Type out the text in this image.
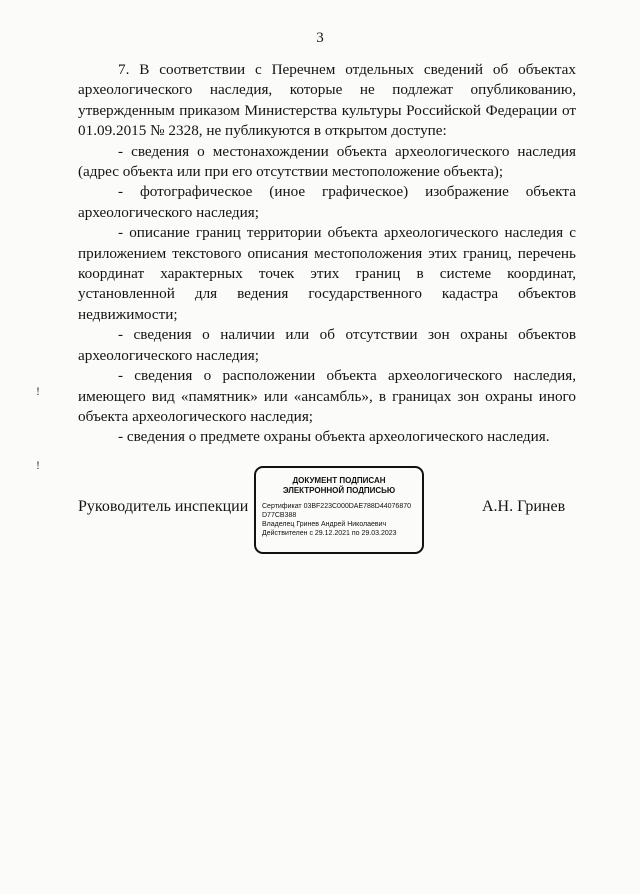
3

7. В соответствии с Перечнем отдельных сведений об объектах археологического наследия, которые не подлежат опубликованию, утвержденным приказом Министерства культуры Российской Федерации от 01.09.2015 № 2328, не публикуются в открытом доступе:

- сведения о местонахождении объекта археологического наследия (адрес объекта или при его отсутствии местоположение объекта);

- фотографическое (иное графическое) изображение объекта археологического наследия;

- описание границ территории объекта археологического наследия с приложением текстового описания местоположения этих границ, перечень координат характерных точек этих границ в системе координат, установленной для ведения государственного кадастра объектов недвижимости;

- сведения о наличии или об отсутствии зон охраны объектов археологического наследия;

- сведения о расположении объекта археологического наследия, имеющего вид «памятник» или «ансамбль», в границах зон охраны иного объекта археологического наследия;

- сведения о предмете охраны объекта археологического наследия.

!
!
Руководитель инспекции
ДОКУМЕНТ ПОДПИСАН
ЭЛЕКТРОННОЙ ПОДПИСЬЮ
Сертификат 03BF223C000DAE788D44076870D77CB388
Владелец Гринев Андрей Николаевич
Действителен с 29.12.2021 по 29.03.2023
А.Н. Гринев
